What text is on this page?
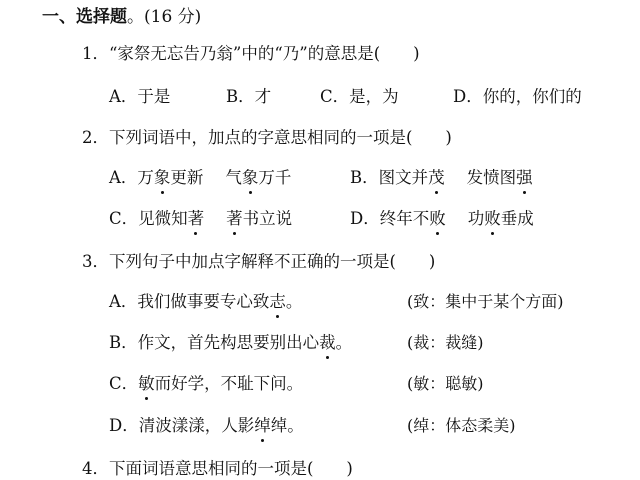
一、选择题。(16 分)
1．“家祭无忘告乃翁”中的“乃”的意思是(　　)
A．于是	B．才	C．是，为	D．你的，你们的
2．下列词语中，加点的字意思相同的一项是(　　)
A．万象更新 气象万千	B．图文并茂 发愤图强
C．见微知著 著书立说	D．终年不败 功败垂成
3．下列句子中加点字解释不正确的一项是(　　)
A．我们做事要专心致志。	(致：集中于某个方面)
B．作文，首先构思要别出心裁。	(裁：裁缝)
C．敏而好学，不耻下问。	(敏：聪敏)
D．清波漾漾，人影绰绰。	(绰：体态柔美)
4．下面词语意思相同的一项是(　　)
